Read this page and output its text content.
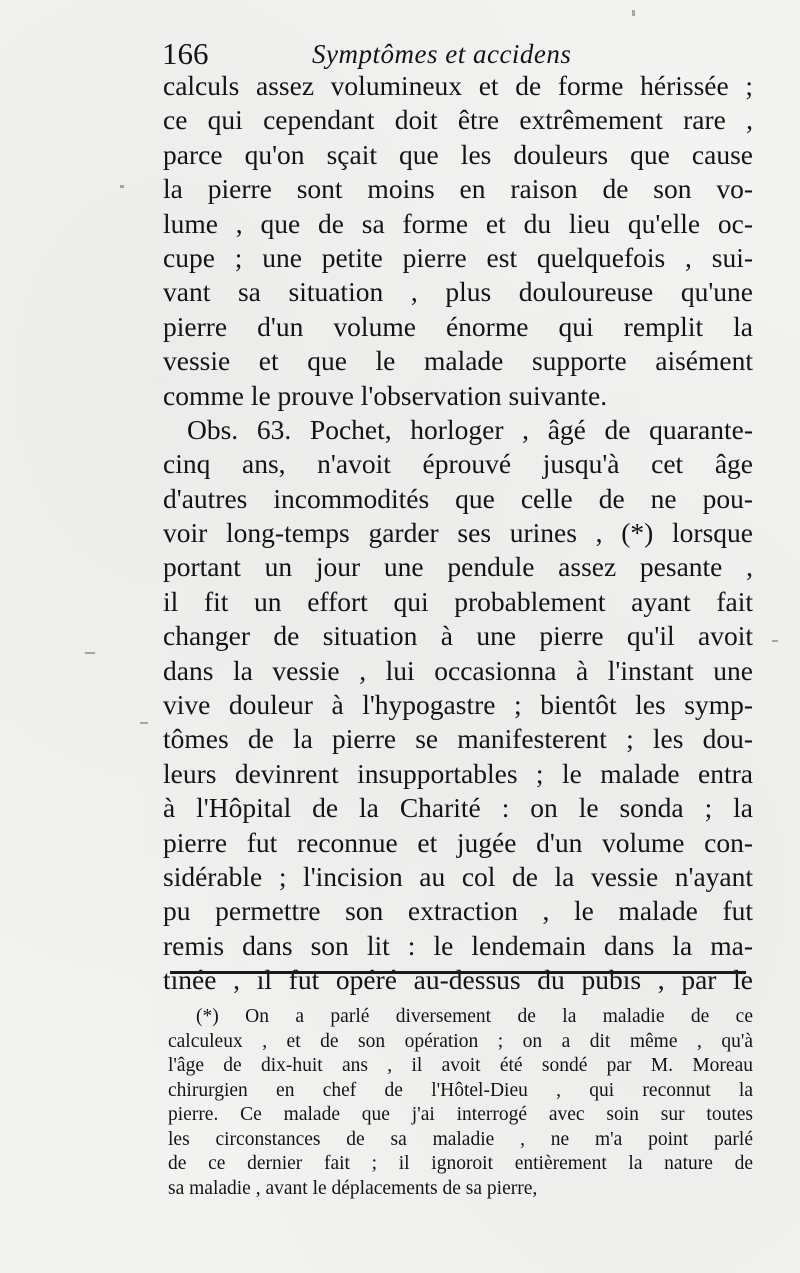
166	Symptômes et accidens
calculs assez volumineux et de forme hérissée ;
ce qui cependant doit être extrêmement rare ,
parce qu'on sçait que les douleurs que cause
la pierre sont moins en raison de son vo-
lume , que de sa forme et du lieu qu'elle oc-
cupe ; une petite pierre est quelquefois , sui-
vant sa situation , plus douloureuse qu'une
pierre d'un volume énorme qui remplit la
vessie et que le malade supporte aisément
comme le prouve l'observation suivante.
Obs. 63. Pochet, horloger , âgé de quarante-
cinq ans, n'avoit éprouvé jusqu'à cet âge
d'autres incommodités que celle de ne pou-
voir long-temps garder ses urines , (*) lorsque
portant un jour une pendule assez pesante ,
il fit un effort qui probablement ayant fait
changer de situation à une pierre qu'il avoit
dans la vessie , lui occasionna à l'instant une
vive douleur à l'hypogastre ; bientôt les symp-
tômes de la pierre se manifesterent ; les dou-
leurs devinrent insupportables ; le malade entra
à l'Hôpital de la Charité : on le sonda ; la
pierre fut reconnue et jugée d'un volume con-
sidérable ; l'incision au col de la vessie n'ayant
pu permettre son extraction , le malade fut
remis dans son lit : le lendemain dans la ma-
tinée , il fut opéré au-dessus du pubis , par le
(*) On a parlé diversement de la maladie de ce
calculeux , et de son opération ; on a dit même , qu'à
l'âge de dix-huit ans , il avoit été sondé par M. Moreau
chirurgien en chef de l'Hôtel-Dieu , qui reconnut la
pierre. Ce malade que j'ai interrogé avec soin sur toutes
les circonstances de sa maladie , ne m'a point parlé
de ce dernier fait ; il ignoroit entièrement la nature de
sa maladie , avant le déplacements de sa pierre,
